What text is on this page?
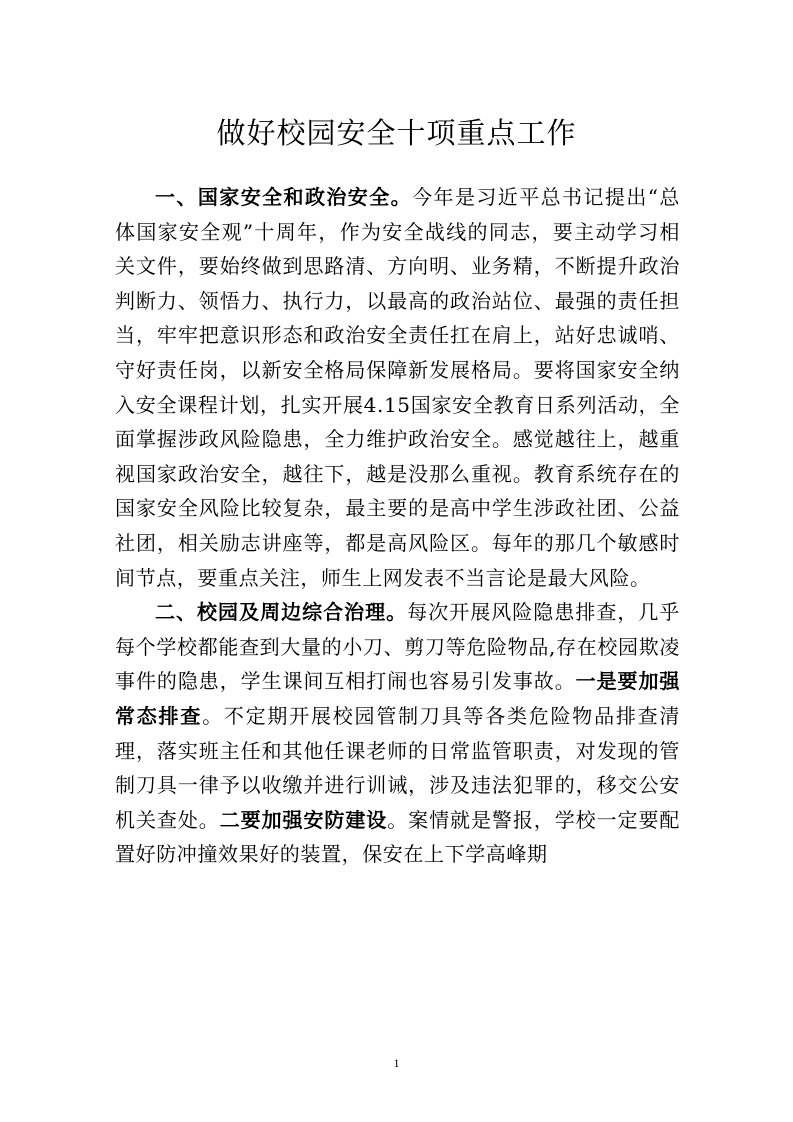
做好校园安全十项重点工作

一、国家安全和政治安全。今年是习近平总书记提出“总体国家安全观”十周年，作为安全战线的同志，要主动学习相关文件，要始终做到思路清、方向明、业务精，不断提升政治判断力、领悟力、执行力，以最高的政治站位、最强的责任担当，牢牢把意识形态和政治安全责任扛在肩上，站好忠诚哨、守好责任岗，以新安全格局保障新发展格局。要将国家安全纳入安全课程计划，扎实开展4.15国家安全教育日系列活动，全面掌握涉政风险隐患，全力维护政治安全。感觉越往上，越重视国家政治安全，越往下，越是没那么重视。教育系统存在的国家安全风险比较复杂，最主要的是高中学生涉政社团、公益社团，相关励志讲座等，都是高风险区。每年的那几个敏感时间节点，要重点关注，师生上网发表不当言论是最大风险。

二、校园及周边综合治理。每次开展风险隐患排查，几乎每个学校都能查到大量的小刀、剪刀等危险物品,存在校园欺凌事件的隐患，学生课间互相打闹也容易引发事故。一是要加强常态排查。不定期开展校园管制刀具等各类危险物品排查清理，落实班主任和其他任课老师的日常监管职责，对发现的管制刀具一律予以收缴并进行训诫，涉及违法犯罪的，移交公安机关查处。二要加强安防建设。案情就是警报，学校一定要配置好防冲撞效果好的装置，保安在上下学高峰期

1
